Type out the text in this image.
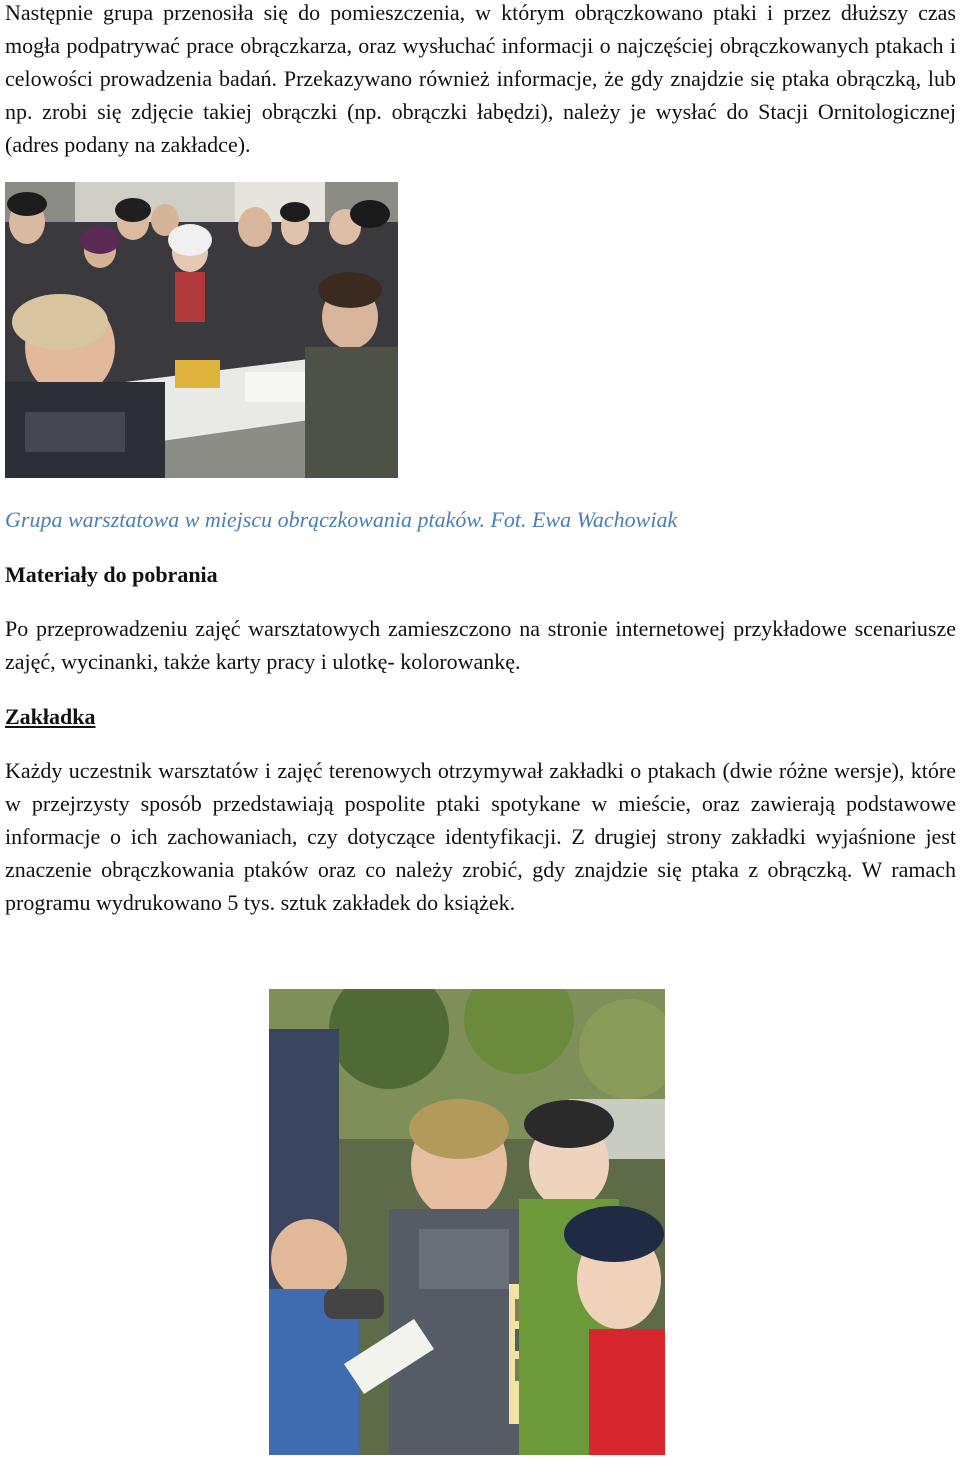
Następnie grupa przenosiła się do pomieszczenia, w którym obrączkowano ptaki i przez dłuższy czas mogła podpatrywać prace obrączkarza, oraz wysłuchać informacji o najczęściej obrączkowanych ptakach i celowości prowadzenia badań. Przekazywano również informacje, że gdy znajdzie się ptaka obrączką, lub np. zrobi się zdjęcie takiej obrączki (np. obrączki łabędzi), należy je wysłać do Stacji Ornitologicznej (adres podany na zakładce).

Grupa warsztatowa w miejscu obrączkowania ptaków. Fot. Ewa Wachowiak

Materiały do pobrania

Po przeprowadzeniu zajęć warsztatowych zamieszczono na stronie internetowej przykładowe scenariusze zajęć, wycinanki, także karty pracy i ulotkę- kolorowankę.

Zakładka

Każdy uczestnik warsztatów i zajęć terenowych otrzymywał zakładki o ptakach (dwie różne wersje), które w przejrzysty sposób przedstawiają pospolite ptaki spotykane w mieście, oraz zawierają podstawowe informacje o ich zachowaniach, czy dotyczące identyfikacji. Z drugiej strony zakładki wyjaśnione jest znaczenie obrączkowania ptaków oraz co należy zrobić, gdy znajdzie się ptaka z obrączką. W ramach programu wydrukowano 5 tys. sztuk zakładek do książek.
